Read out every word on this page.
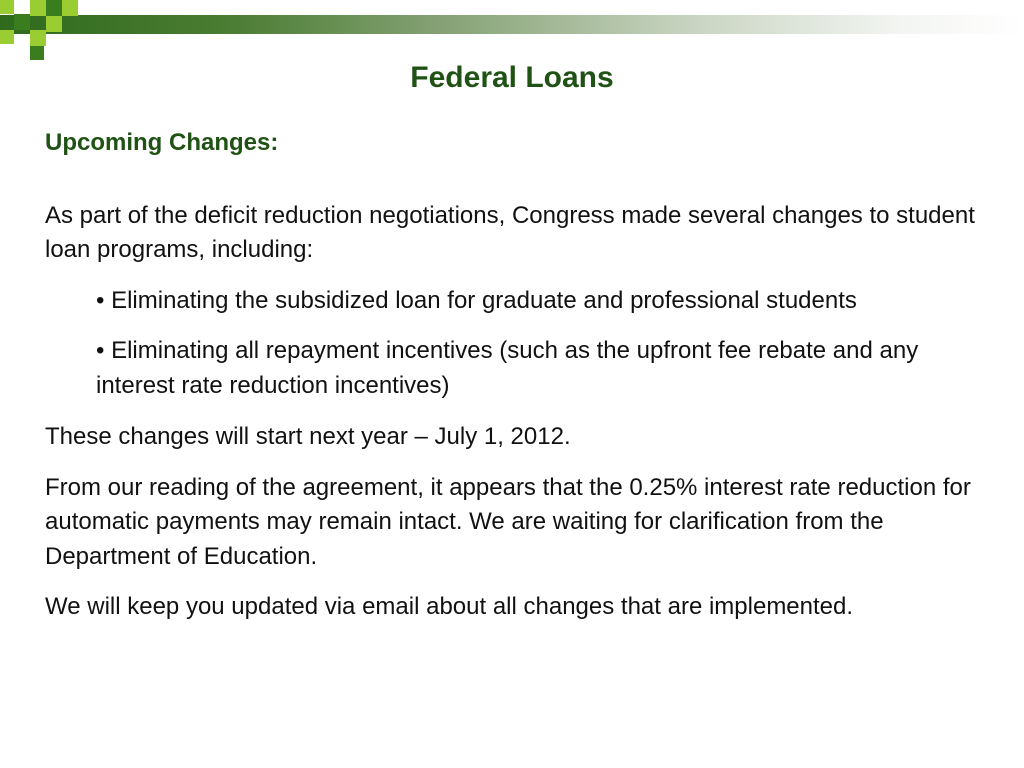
Federal Loans

Upcoming Changes:

As part of the deficit reduction negotiations, Congress made several changes to student loan programs, including:

• Eliminating the subsidized loan for graduate and professional students

• Eliminating all repayment incentives (such as the upfront fee rebate and any interest rate reduction incentives)

These changes will start next year – July 1, 2012.

From our reading of the agreement, it appears that the 0.25% interest rate reduction for automatic payments may remain intact. We are waiting for clarification from the Department of Education.

We will keep you updated via email about all changes that are implemented.
